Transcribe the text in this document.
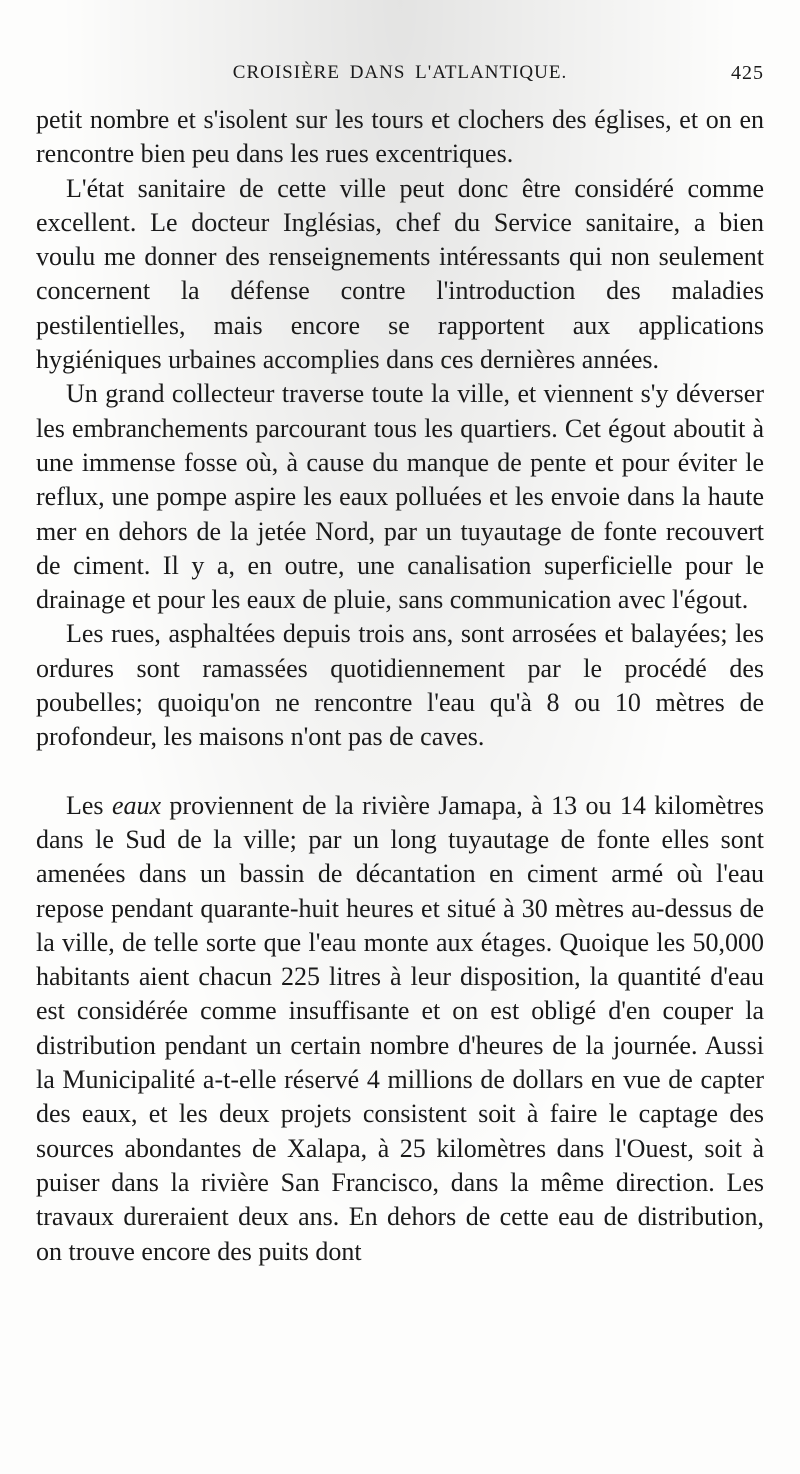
CROISIÈRE DANS L'ATLANTIQUE.	425

petit nombre et s'isolent sur les tours et clochers des églises, et on en rencontre bien peu dans les rues excentriques.

L'état sanitaire de cette ville peut donc être considéré comme excellent. Le docteur Inglésias, chef du Service sanitaire, a bien voulu me donner des renseignements intéressants qui non seulement concernent la défense contre l'introduction des maladies pestilentielles, mais encore se rapportent aux applications hygiéniques urbaines accomplies dans ces dernières années.

Un grand collecteur traverse toute la ville, et viennent s'y déverser les embranchements parcourant tous les quartiers. Cet égout aboutit à une immense fosse où, à cause du manque de pente et pour éviter le reflux, une pompe aspire les eaux polluées et les envoie dans la haute mer en dehors de la jetée Nord, par un tuyautage de fonte recouvert de ciment. Il y a, en outre, une canalisation superficielle pour le drainage et pour les eaux de pluie, sans communication avec l'égout.

Les rues, asphaltées depuis trois ans, sont arrosées et balayées; les ordures sont ramassées quotidiennement par le procédé des poubelles; quoiqu'on ne rencontre l'eau qu'à 8 ou 10 mètres de profondeur, les maisons n'ont pas de caves.

Les eaux proviennent de la rivière Jamapa, à 13 ou 14 kilomètres dans le Sud de la ville; par un long tuyautage de fonte elles sont amenées dans un bassin de décantation en ciment armé où l'eau repose pendant quarante-huit heures et situé à 30 mètres au-dessus de la ville, de telle sorte que l'eau monte aux étages. Quoique les 50,000 habitants aient chacun 225 litres à leur disposition, la quantité d'eau est considérée comme insuffisante et on est obligé d'en couper la distribution pendant un certain nombre d'heures de la journée. Aussi la Municipalité a-t-elle réservé 4 millions de dollars en vue de capter des eaux, et les deux projets consistent soit à faire le captage des sources abondantes de Xalapa, à 25 kilomètres dans l'Ouest, soit à puiser dans la rivière San Francisco, dans la même direction. Les travaux dureraient deux ans. En dehors de cette eau de distribution, on trouve encore des puits dont
